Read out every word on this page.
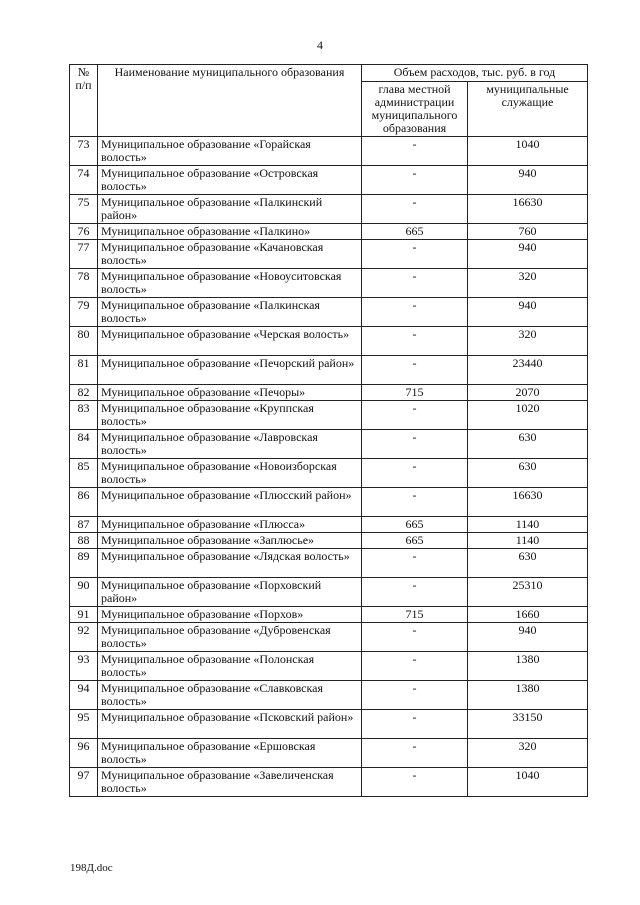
4
№ п/п	Наименование муниципального образования	Объем расходов, тыс. руб. в год	
		глава местной администрации муниципального образования	муниципальные служащие
73	Муниципальное образование «Горайская волость»	-	1040
74	Муниципальное образование «Островская волость»	-	940
75	Муниципальное образование «Палкинский район»	-	16630
76	Муниципальное образование «Палкино»	665	760
77	Муниципальное образование «Качановская волость»	-	940
78	Муниципальное образование «Новоуситовская волость»	-	320
79	Муниципальное образование «Палкинская волость»	-	940
80	Муниципальное образование «Черская волость»	-	320
81	Муниципальное образование «Печорский район»	-	23440
82	Муниципальное образование «Печоры»	715	2070
83	Муниципальное образование «Круппская волость»	-	1020
84	Муниципальное образование «Лавровская волость»	-	630
85	Муниципальное образование «Новоизборская волость»	-	630
86	Муниципальное образование «Плюсский район»	-	16630
87	Муниципальное образование «Плюсса»	665	1140
88	Муниципальное образование «Заплюсье»	665	1140
89	Муниципальное образование «Лядская волость»	-	630
90	Муниципальное образование «Порховский район»	-	25310
91	Муниципальное образование «Порхов»	715	1660
92	Муниципальное образование «Дубровенская волость»	-	940
93	Муниципальное образование «Полонская волость»	-	1380
94	Муниципальное образование «Славковская волость»	-	1380
95	Муниципальное образование «Псковский район»	-	33150
96	Муниципальное образование «Ершовская волость»	-	320
97	Муниципальное образование «Завеличенская волость»	-	1040
198Д.doc
